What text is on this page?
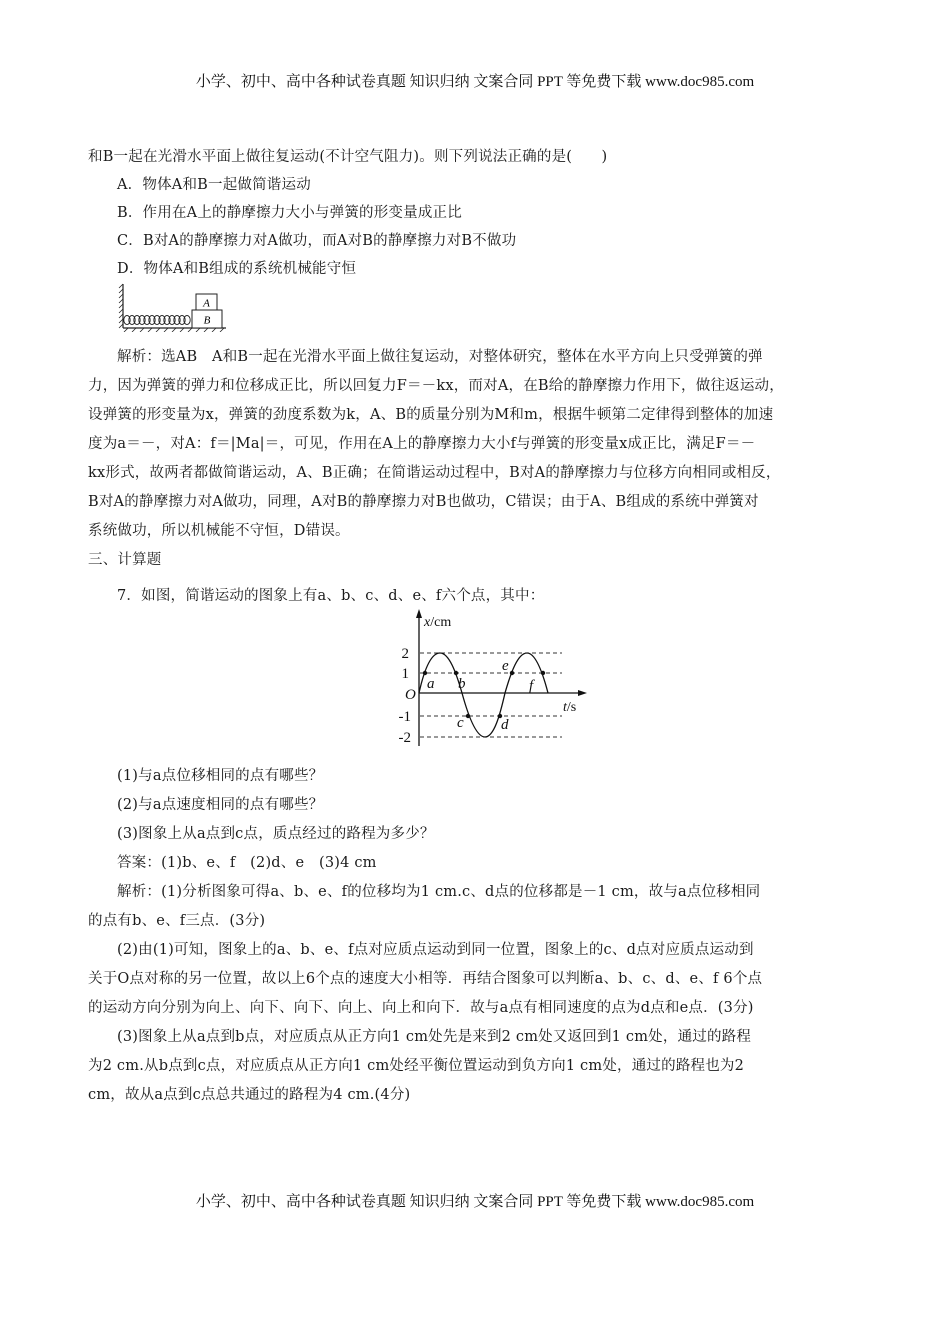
小学、初中、高中各种试卷真题 知识归纳 文案合同 PPT 等免费下载 www.doc985.com
和B一起在光滑水平面上做往复运动(不计空气阻力)。则下列说法正确的是(　　)
A．物体A和B一起做简谐运动
B．作用在A上的静摩擦力大小与弹簧的形变量成正比
C．B对A的静摩擦力对A做功，而A对B的静摩擦力对B不做功
D．物体A和B组成的系统机械能守恒
A
B
解析：选AB　A和B一起在光滑水平面上做往复运动，对整体研究，整体在水平方向上只受弹簧的弹
力，因为弹簧的弹力和位移成正比，所以回复力F＝－kx，而对A，在B给的静摩擦力作用下，做往返运动，
设弹簧的形变量为x，弹簧的劲度系数为k，A、B的质量分别为M和m，根据牛顿第二定律得到整体的加速
度为a＝－，对A：f＝|Ma|＝，可见，作用在A上的静摩擦力大小f与弹簧的形变量x成正比，满足F＝－
kx形式，故两者都做简谐运动，A、B正确；在简谐运动过程中，B对A的静摩擦力与位移方向相同或相反，
B对A的静摩擦力对A做功，同理，A对B的静摩擦力对B也做功，C错误；由于A、B组成的系统中弹簧对
系统做功，所以机械能不守恒，D错误。
三、计算题
7．如图，简谐运动的图象上有a、b、c、d、e、f六个点，其中：
a b
c d
e
f
2
1
-1
-2
O
x/cm
t/s
(1)与a点位移相同的点有哪些？
(2)与a点速度相同的点有哪些？
(3)图象上从a点到c点，质点经过的路程为多少？
答案：(1)b、e、f　(2)d、e　(3)4 cm
解析：(1)分析图象可得a、b、e、f的位移均为1 cm.c、d点的位移都是－1 cm，故与a点位移相同
的点有b、e、f三点．(3分)
(2)由(1)可知，图象上的a、b、e、f点对应质点运动到同一位置，图象上的c、d点对应质点运动到
关于O点对称的另一位置，故以上6个点的速度大小相等．再结合图象可以判断a、b、c、d、e、f 6个点
的运动方向分别为向上、向下、向下、向上、向上和向下．故与a点有相同速度的点为d点和e点．(3分)
(3)图象上从a点到b点，对应质点从正方向1 cm处先是来到2 cm处又返回到1 cm处，通过的路程
为2 cm.从b点到c点，对应质点从正方向1 cm处经平衡位置运动到负方向1 cm处，通过的路程也为2
cm，故从a点到c点总共通过的路程为4 cm.(4分)
小学、初中、高中各种试卷真题 知识归纳 文案合同 PPT 等免费下载 www.doc985.com
